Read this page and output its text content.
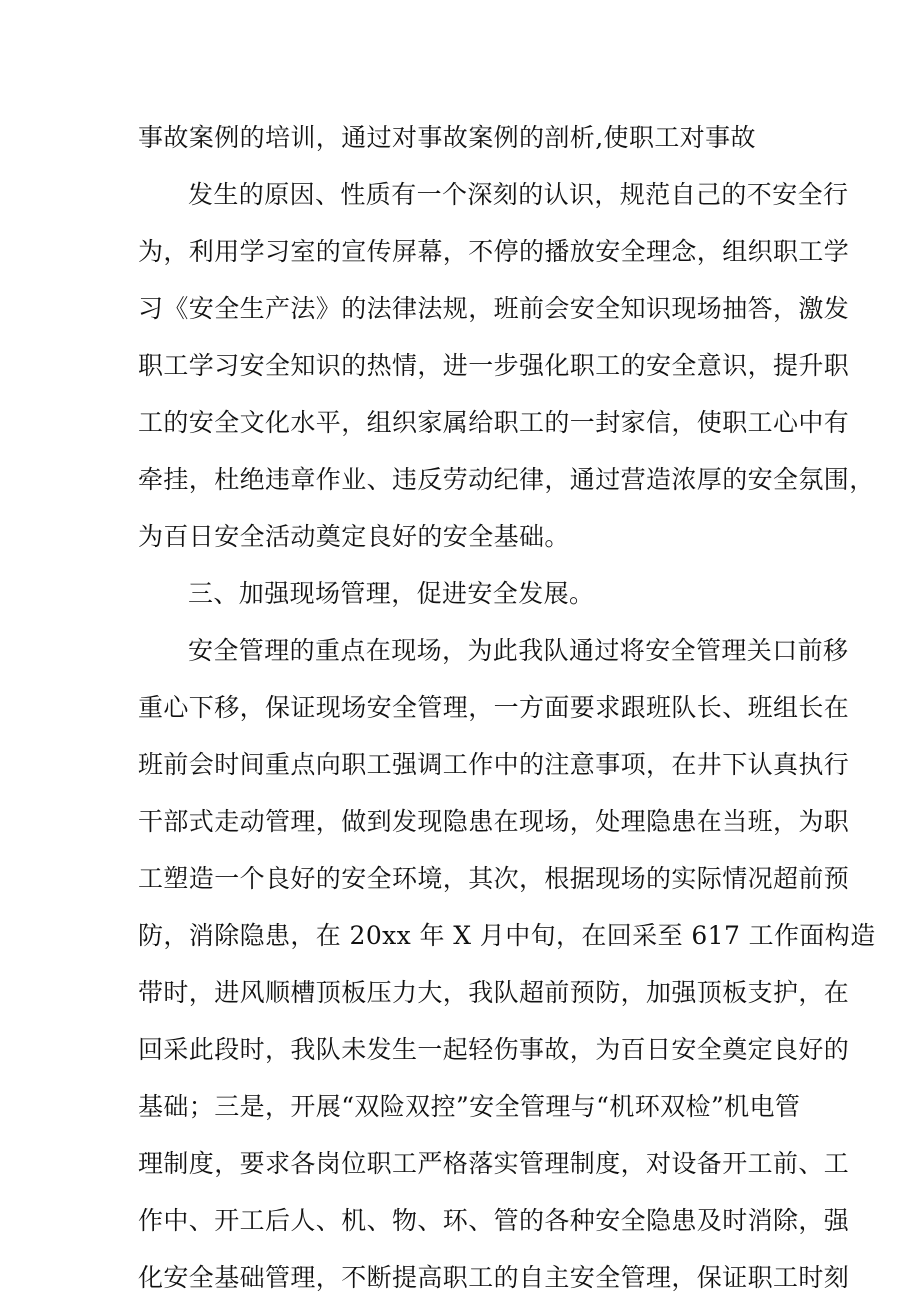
事故案例的培训，通过对事故案例的剖析,使职工对事故
发生的原因、性质有一个深刻的认识，规范自己的不安全行
为，利用学习室的宣传屏幕，不停的播放安全理念，组织职工学
习《安全生产法》的法律法规，班前会安全知识现场抽答，激发
职工学习安全知识的热情，进一步强化职工的安全意识，提升职
工的安全文化水平，组织家属给职工的一封家信，使职工心中有
牵挂，杜绝违章作业、违反劳动纪律，通过营造浓厚的安全氛围，
为百日安全活动奠定良好的安全基础。
三、加强现场管理，促进安全发展。
安全管理的重点在现场，为此我队通过将安全管理关口前移
重心下移，保证现场安全管理，一方面要求跟班队长、班组长在
班前会时间重点向职工强调工作中的注意事项，在井下认真执行
干部式走动管理，做到发现隐患在现场，处理隐患在当班，为职
工塑造一个良好的安全环境，其次，根据现场的实际情况超前预
防，消除隐患，在 20xx 年 X 月中旬，在回采至 617 工作面构造
带时，进风顺槽顶板压力大，我队超前预防，加强顶板支护，在
回采此段时，我队未发生一起轻伤事故，为百日安全奠定良好的
基础；三是，开展“双险双控”安全管理与“机环双检”机电管
理制度，要求各岗位职工严格落实管理制度，对设备开工前、工
作中、开工后人、机、物、环、管的各种安全隐患及时消除，强
化安全基础管理，不断提高职工的自主安全管理，保证职工时刻
